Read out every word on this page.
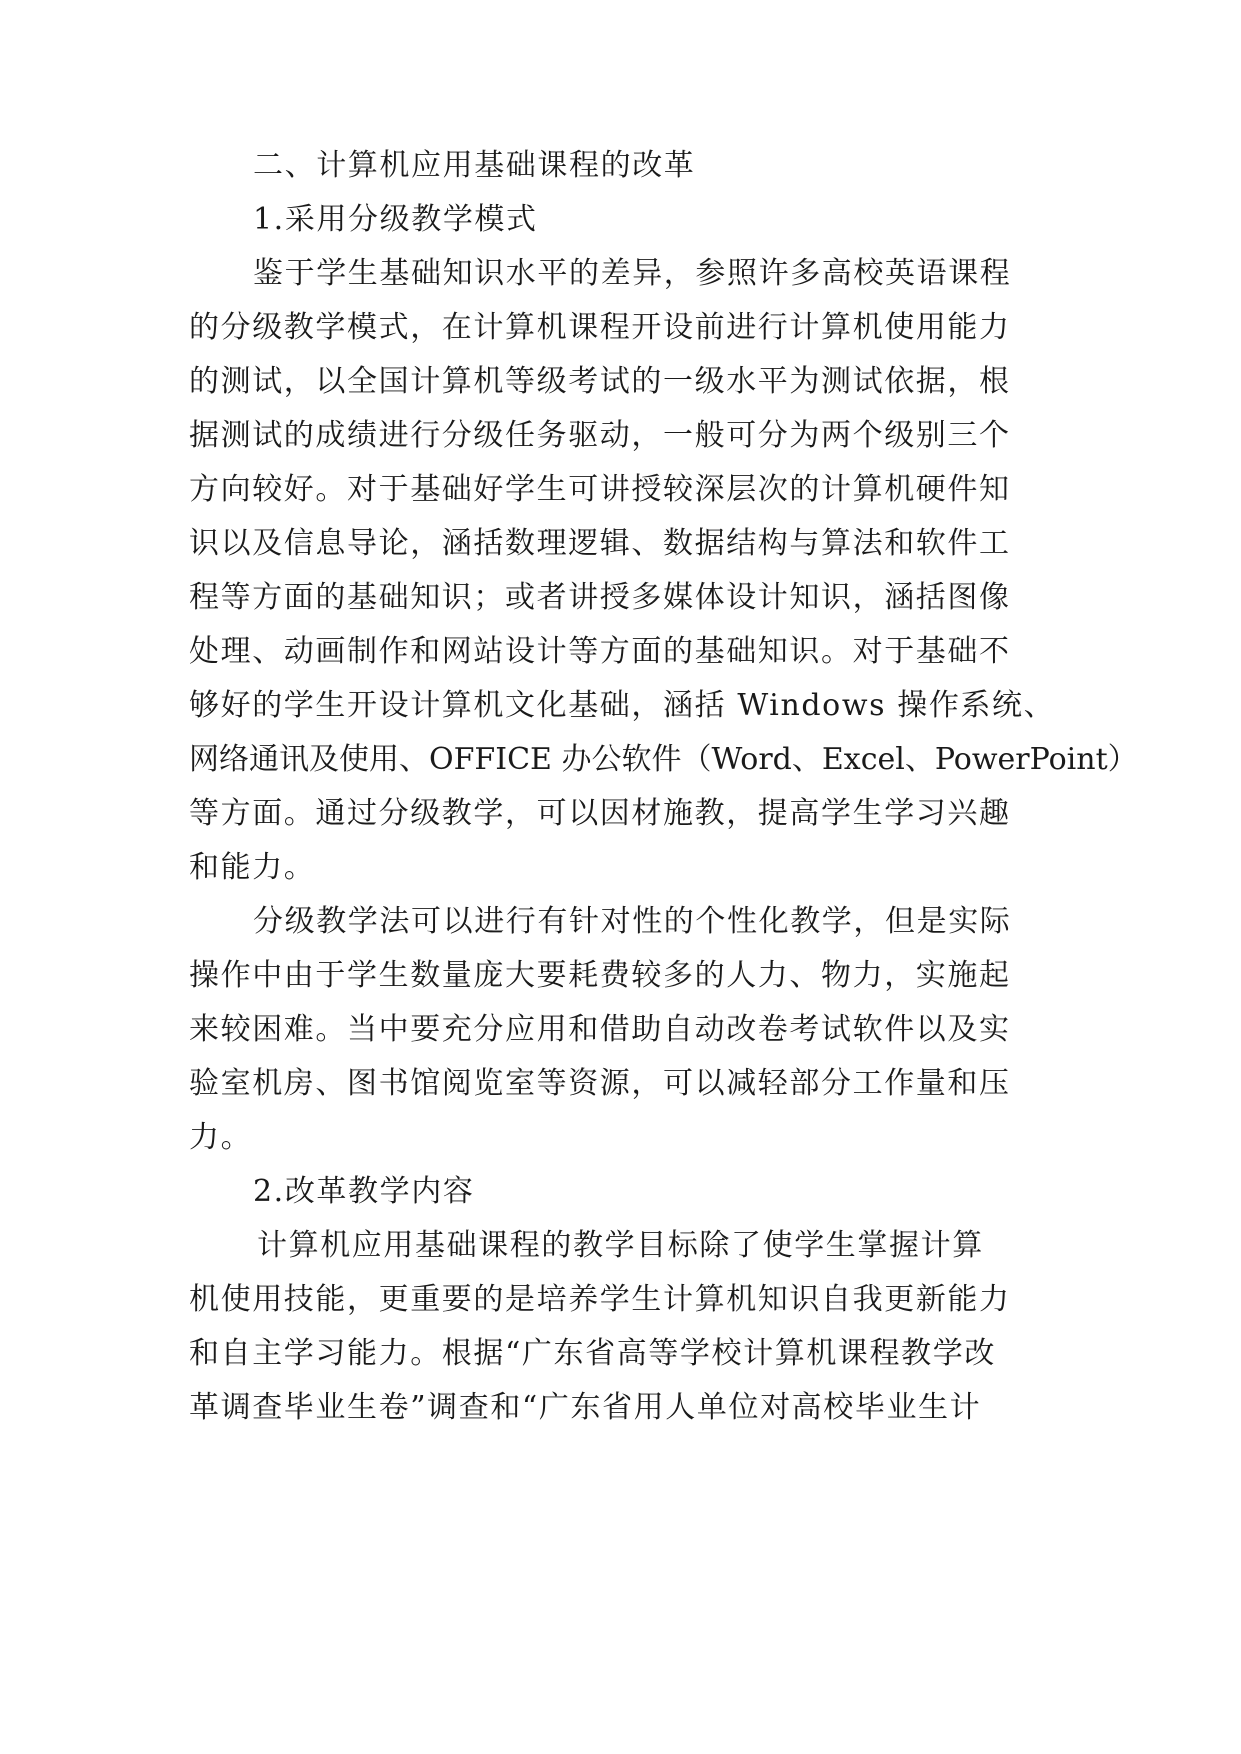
二、计算机应用基础课程的改革
1.采用分级教学模式
鉴于学生基础知识水平的差异，参照许多高校英语课程
的分级教学模式，在计算机课程开设前进行计算机使用能力
的测试，以全国计算机等级考试的一级水平为测试依据，根
据测试的成绩进行分级任务驱动，一般可分为两个级别三个
方向较好。对于基础好学生可讲授较深层次的计算机硬件知
识以及信息导论，涵括数理逻辑、数据结构与算法和软件工
程等方面的基础知识；或者讲授多媒体设计知识，涵括图像
处理、动画制作和网站设计等方面的基础知识。对于基础不
够好的学生开设计算机文化基础，涵括 Windows 操作系统、
网络通讯及使用、OFFICE 办公软件（Word、Excel、PowerPoint）
等方面。通过分级教学，可以因材施教，提高学生学习兴趣
和能力。
分级教学法可以进行有针对性的个性化教学，但是实际
操作中由于学生数量庞大要耗费较多的人力、物力，实施起
来较困难。当中要充分应用和借助自动改卷考试软件以及实
验室机房、图书馆阅览室等资源，可以减轻部分工作量和压
力。
2.改革教学内容
计算机应用基础课程的教学目标除了使学生掌握计算
机使用技能，更重要的是培养学生计算机知识自我更新能力
和自主学习能力。根据“广东省高等学校计算机课程教学改
革调查毕业生卷”调查和“广东省用人单位对高校毕业生计
